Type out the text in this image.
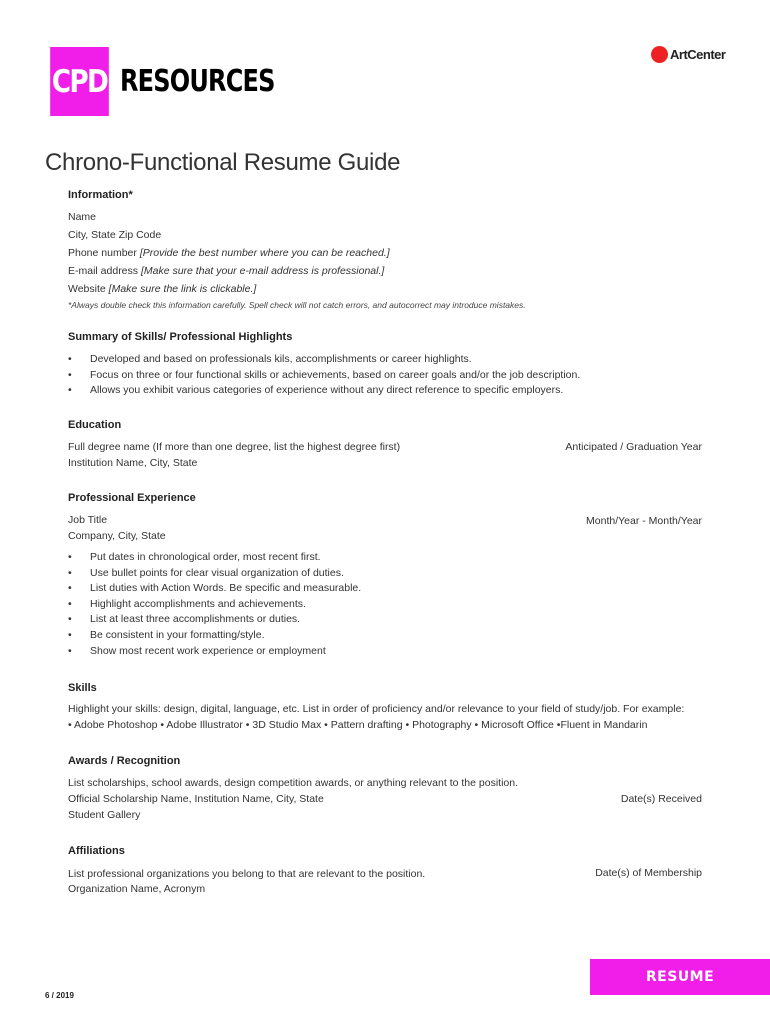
CPD RESOURCES
ArtCenter
Chrono-Functional Resume Guide
Information*
Name
City, State Zip Code
Phone number [Provide the best number where you can be reached.]
E-mail address [Make sure that your e-mail address is professional.]
Website [Make sure the link is clickable.]
*Always double check this information carefully. Spell check will not catch errors, and autocorrect may introduce mistakes.
Summary of Skills/ Professional Highlights
• Developed and based on professionals kils, accomplishments or career highlights.
• Focus on three or four functional skills or achievements, based on career goals and/or the job description.
• Allows you exhibit various categories of experience without any direct reference to specific employers.
Education
Full degree name (If more than one degree, list the highest degree first)	Anticipated / Graduation Year
Institution Name, City, State
Professional Experience
Job Title	Month/Year - Month/Year
Company, City, State
• Put dates in chronological order, most recent first.
• Use bullet points for clear visual organization of duties.
• List duties with Action Words. Be specific and measurable.
• Highlight accomplishments and achievements.
• List at least three accomplishments or duties.
• Be consistent in your formatting/style.
• Show most recent work experience or employment
Skills
Highlight your skills: design, digital, language, etc. List in order of proficiency and/or relevance to your field of study/job. For example:
• Adobe Photoshop • Adobe Illustrator • 3D Studio Max • Pattern drafting • Photography • Microsoft Office •Fluent in Mandarin
Awards / Recognition
List scholarships, school awards, design competition awards, or anything relevant to the position.
Official Scholarship Name, Institution Name, City, State	Date(s) Received
Student Gallery
Affiliations
List professional organizations you belong to that are relevant to the position.	Date(s) of Membership
Organization Name, Acronym
6 / 2019
RESUME
